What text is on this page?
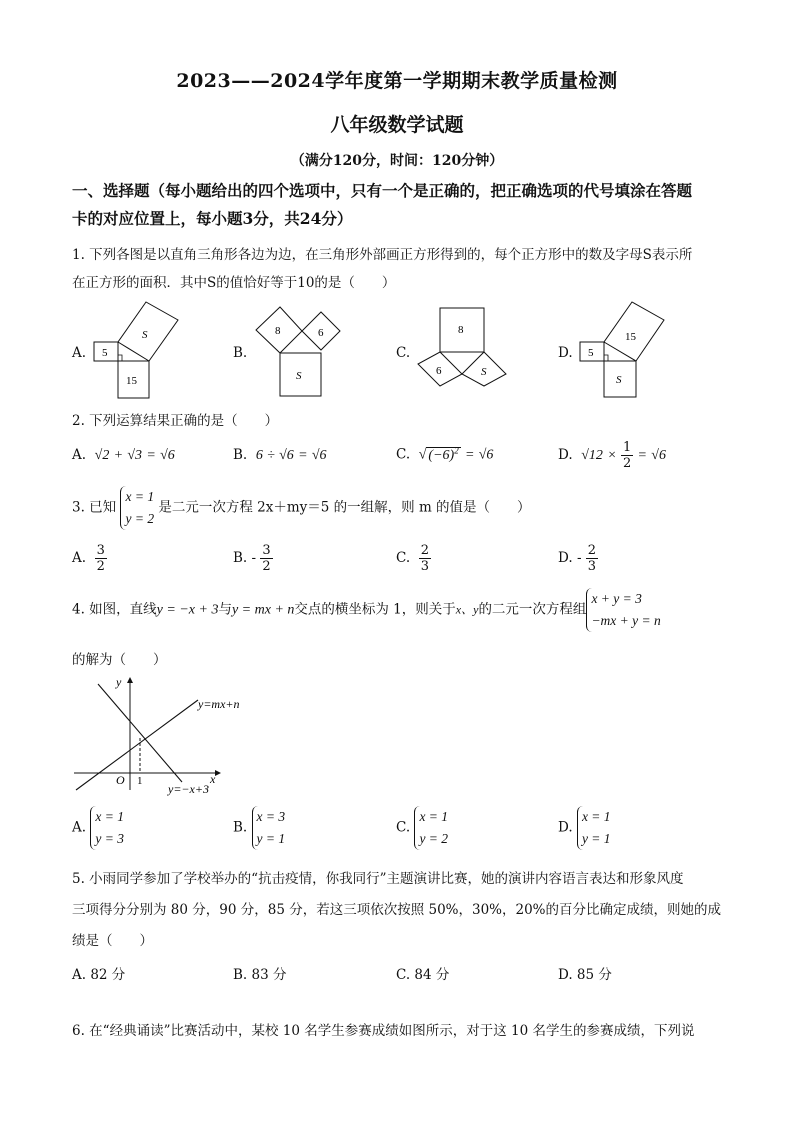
2023——2024学年度第一学期期末教学质量检测
八年级数学试题
（满分120分，时间：120分钟）
一、选择题（每小题给出的四个选项中，只有一个是正确的，把正确选项的代号填涂在答题
卡的对应位置上，每小题3分，共24分）
1. 下列各图是以直角三角形各边为边，在三角形外部画正方形得到的，每个正方形中的数及字母S表示所
在正方形的面积．其中S的值恰好等于10的是（　　）
A. 5
15
S
B.
8	6
S
C.
8
6	S
D. 5
15
S
2. 下列运算结果正确的是（　　）
A. √2 + √3 = √6	B. 6 ÷ √6 = √6	C. √ $(-6)^2 = √6$	D. $√12 \times \frac{1}{2} = √6$
3. 已知
x = 1
y = 2
是二元一次方程 2x＋my＝5 的一组解，则 m 的值是（　　）
A. $\frac{3}{2}$	B. - $\frac{3}{2}$	C. $\frac{2}{3}$	D. - $\frac{2}{3}$
4. 如图，直线y = −x + 3与y = mx + n交点的横坐标为 1，则关于x、y的二元一次方程组
x + y = 3
−mx + y = n
的解为（　　）
y=mx+n
y=−x+3
x
y
O 1
A.
x = 1
y = 3
B.
x = 3
y = 1
C.
x = 1
y = 2
D.
x = 1
y = 1
5. 小雨同学参加了学校举办的“抗击疫情，你我同行”主题演讲比赛，她的演讲内容语言表达和形象风度
三项得分分别为 80 分，90 分，85 分，若这三项依次按照 50%，30%，20%的百分比确定成绩，则她的成
绩是（　　）
A. 82 分	B. 83 分	C. 84 分	D. 85 分
6. 在“经典诵读”比赛活动中，某校 10 名学生参赛成绩如图所示，对于这 10 名学生的参赛成绩，下列说
